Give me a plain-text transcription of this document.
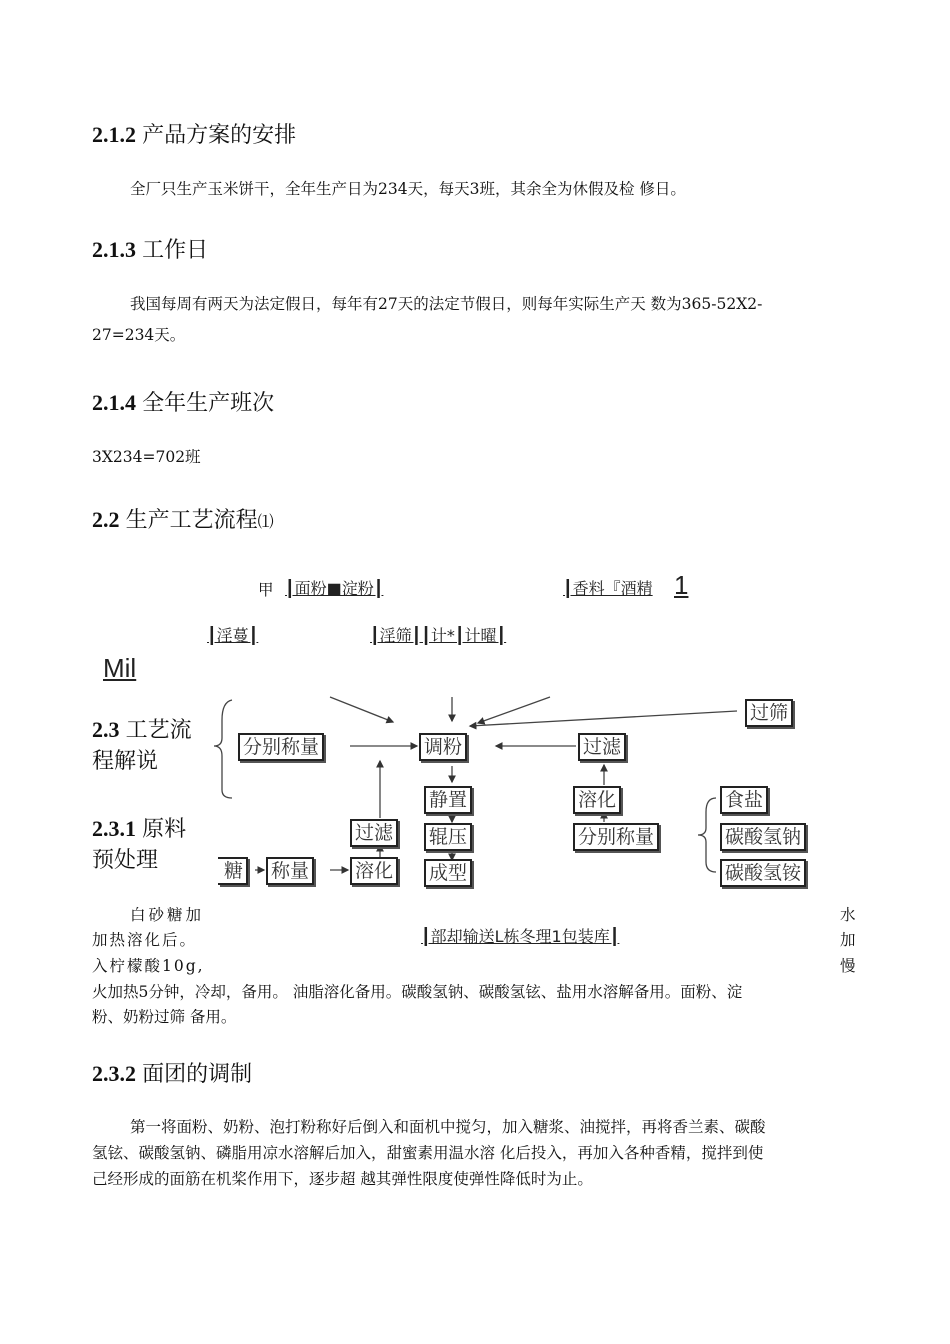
2.1.2 产品方案的安排
全厂只生产玉米饼干，全年生产日为234天，每天3班，其余全为休假及检 修日。
2.1.3 工作日
我国每周有两天为法定假日，每年有27天的法定节假日，则每年实际生产天 数为365-52X2-
27=234天。
2.1.4 全年生产班次
3X234=702班
2.2 生产工艺流程⑴
甲 ┃面粉■淀粉┃	┃香料『酒精 1
┃淫蔓┃	┃淫筛┃┃计*┃计曜┃
Mil
分别称量	调粉	过滤
过筛
静置
辊压
成型
溶化
分别称量
食盐
碳酸氢钠
碳酸氢铵
过滤
溶化
称量
糖
2.3 工艺流
程解说
2.3.1 原料
预处理
白砂糖加	水
加热溶化后。	加
入柠檬酸10g,	慢
┃部却输送L栋冬理1包装库┃
火加热5分钟，冷却，备用。 油脂溶化备用。碳酸氢钠、碳酸氢铉、盐用水溶解备用。面粉、淀
粉、奶粉过筛 备用。
2.3.2 面团的调制
第一将面粉、奶粉、泡打粉称好后倒入和面机中搅匀，加入糖浆、油搅拌，再将香兰素、碳酸
氢铉、碳酸氢钠、磷脂用凉水溶解后加入，甜蜜素用温水溶 化后投入，再加入各种香精，搅拌到使
己经形成的面筋在机桨作用下，逐步超 越其弹性限度使弹性降低时为止。
